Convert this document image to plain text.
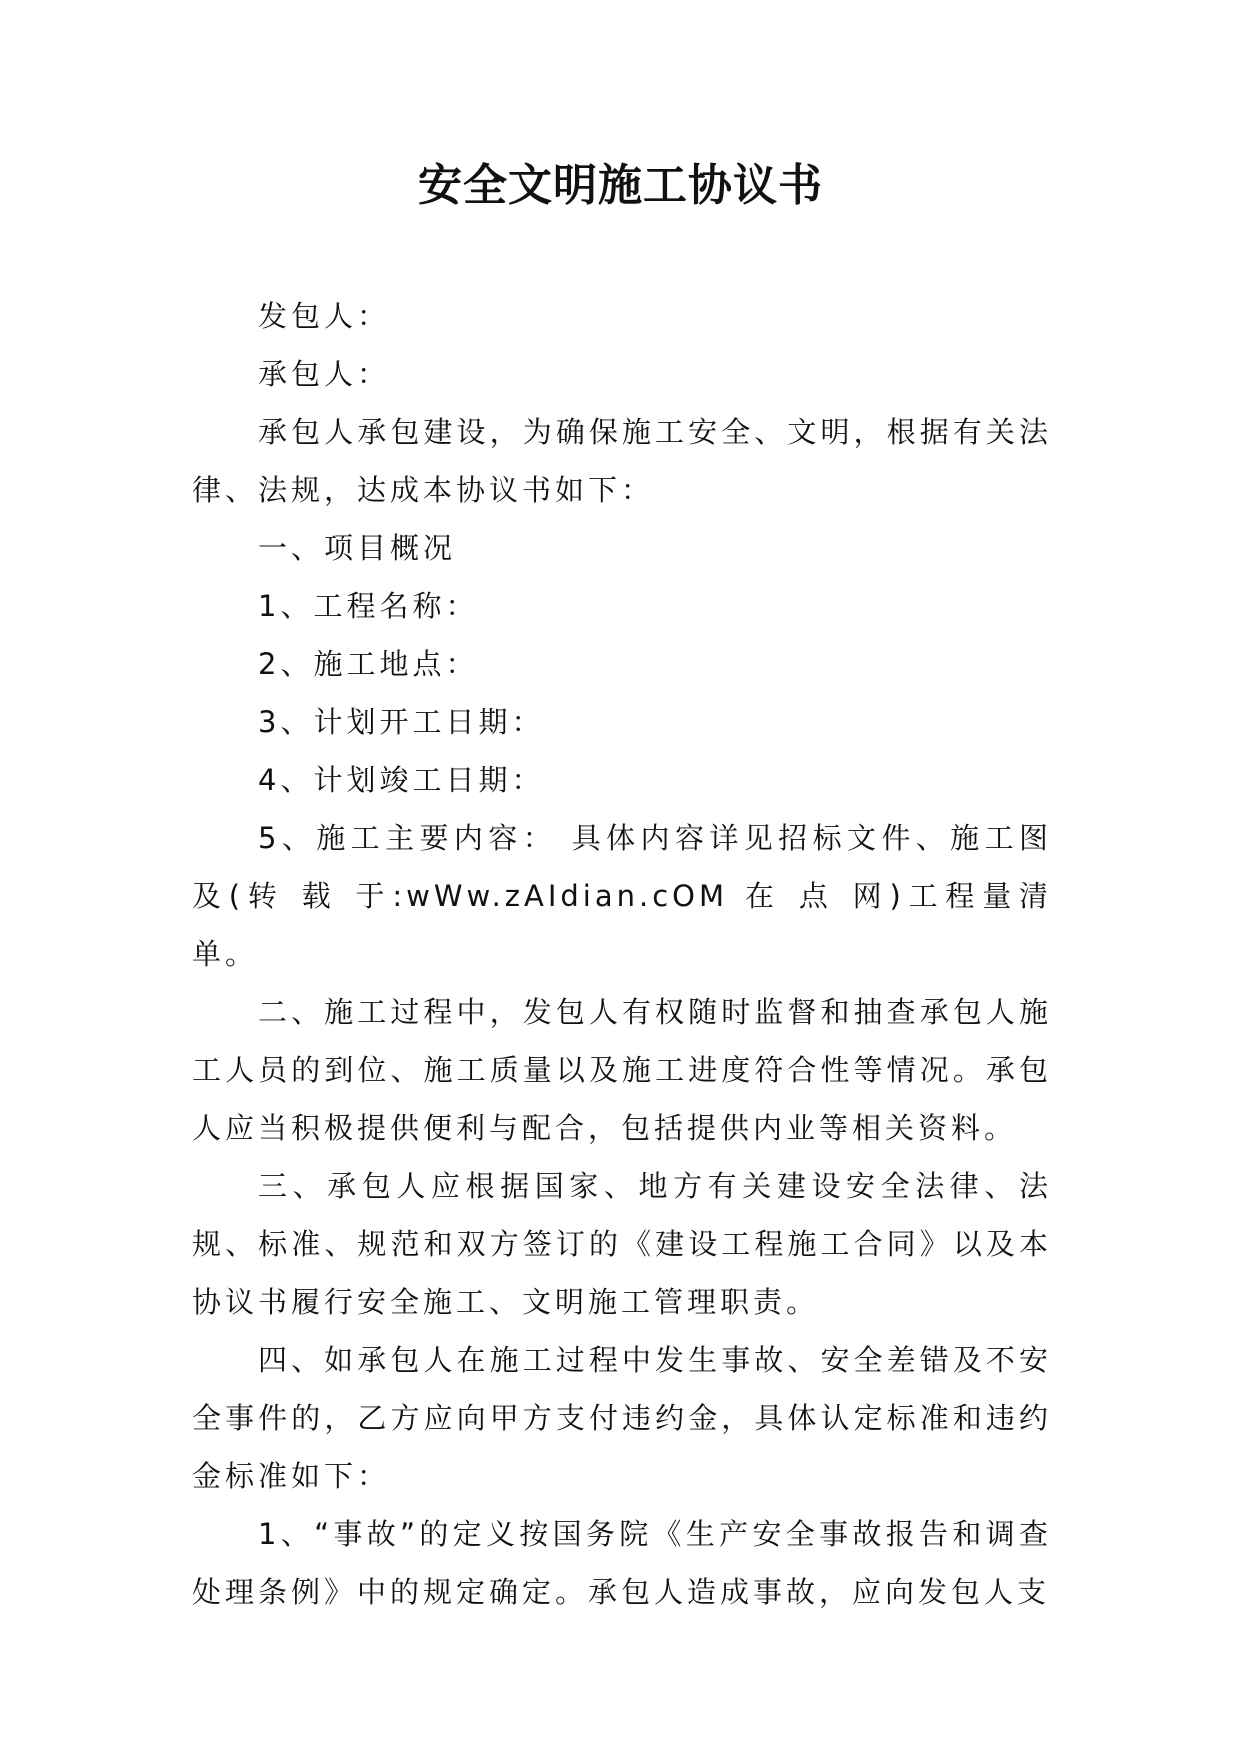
安全文明施工协议书

发包人：

承包人：

承包人承包建设，为确保施工安全、文明，根据有关法律、法规，达成本协议书如下：

一、项目概况

1、工程名称：

2、施工地点：

3、计划开工日期：

4、计划竣工日期：

5、施工主要内容： 具体内容详见招标文件、施工图及(转 载 于:wWw.zAIdian.cOM 在 点 网)工程量清单。

二、施工过程中，发包人有权随时监督和抽查承包人施工人员的到位、施工质量以及施工进度符合性等情况。承包人应当积极提供便利与配合，包括提供内业等相关资料。

三、承包人应根据国家、地方有关建设安全法律、法规、标准、规范和双方签订的《建设工程施工合同》以及本协议书履行安全施工、文明施工管理职责。

四、如承包人在施工过程中发生事故、安全差错及不安全事件的，乙方应向甲方支付违约金，具体认定标准和违约金标准如下：

1、“事故”的定义按国务院《生产安全事故报告和调查处理条例》中的规定确定。承包人造成事故，应向发包人支
